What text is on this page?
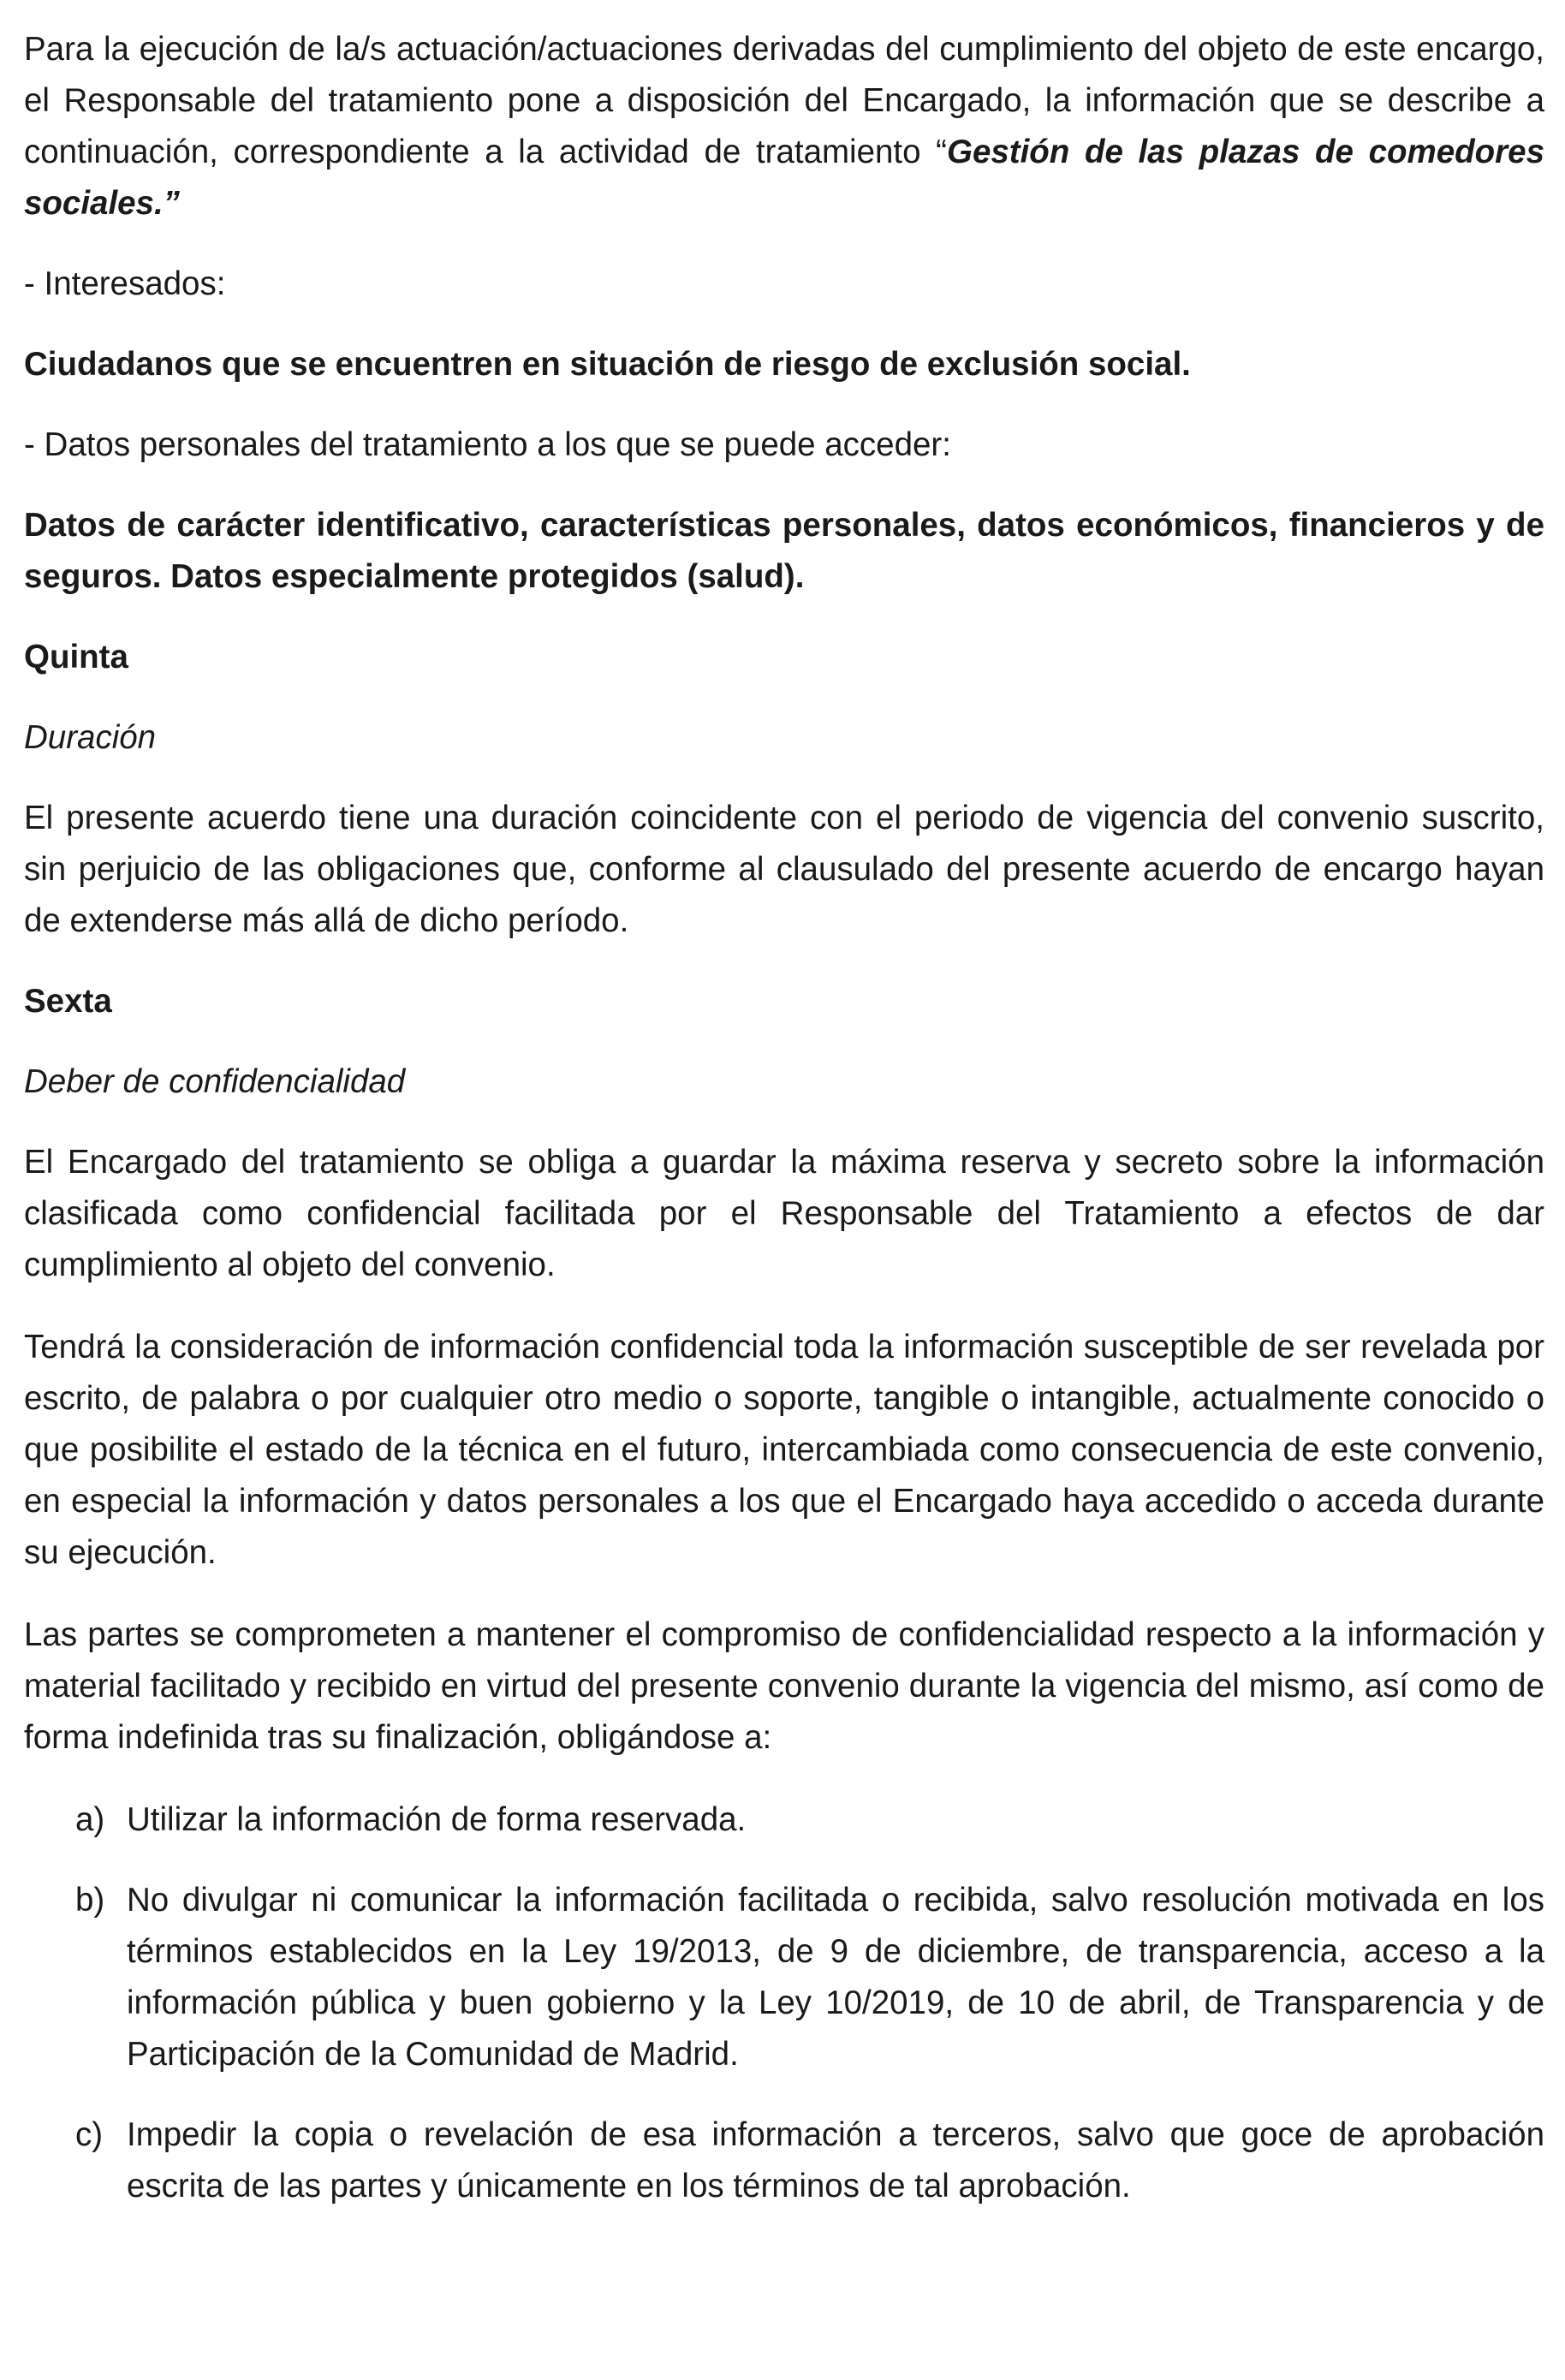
Para la ejecución de la/s actuación/actuaciones derivadas del cumplimiento del objeto de este encargo, el Responsable del tratamiento pone a disposición del Encargado, la información que se describe a continuación, correspondiente a la actividad de tratamiento “Gestión de las plazas de comedores sociales.”

- Interesados:

Ciudadanos que se encuentren en situación de riesgo de exclusión social.

- Datos personales del tratamiento a los que se puede acceder:

Datos de carácter identificativo, características personales, datos económicos, financieros y de seguros. Datos especialmente protegidos (salud).

Quinta

Duración

El presente acuerdo tiene una duración coincidente con el periodo de vigencia del convenio suscrito, sin perjuicio de las obligaciones que, conforme al clausulado del presente acuerdo de encargo hayan de extenderse más allá de dicho período.

Sexta

Deber de confidencialidad

El Encargado del tratamiento se obliga a guardar la máxima reserva y secreto sobre la información clasificada como confidencial facilitada por el Responsable del Tratamiento a efectos de dar cumplimiento al objeto del convenio.

Tendrá la consideración de información confidencial toda la información susceptible de ser revelada por escrito, de palabra o por cualquier otro medio o soporte, tangible o intangible, actualmente conocido o que posibilite el estado de la técnica en el futuro, intercambiada como consecuencia de este convenio, en especial la información y datos personales a los que el Encargado haya accedido o acceda durante su ejecución.

Las partes se comprometen a mantener el compromiso de confidencialidad respecto a la información y material facilitado y recibido en virtud del presente convenio durante la vigencia del mismo, así como de forma indefinida tras su finalización, obligándose a:

a) Utilizar la información de forma reservada.
b) No divulgar ni comunicar la información facilitada o recibida, salvo resolución motivada en los términos establecidos en la Ley 19/2013, de 9 de diciembre, de transparencia, acceso a la información pública y buen gobierno y la Ley 10/2019, de 10 de abril, de Transparencia y de Participación de la Comunidad de Madrid.
c) Impedir la copia o revelación de esa información a terceros, salvo que goce de aprobación escrita de las partes y únicamente en los términos de tal aprobación.
